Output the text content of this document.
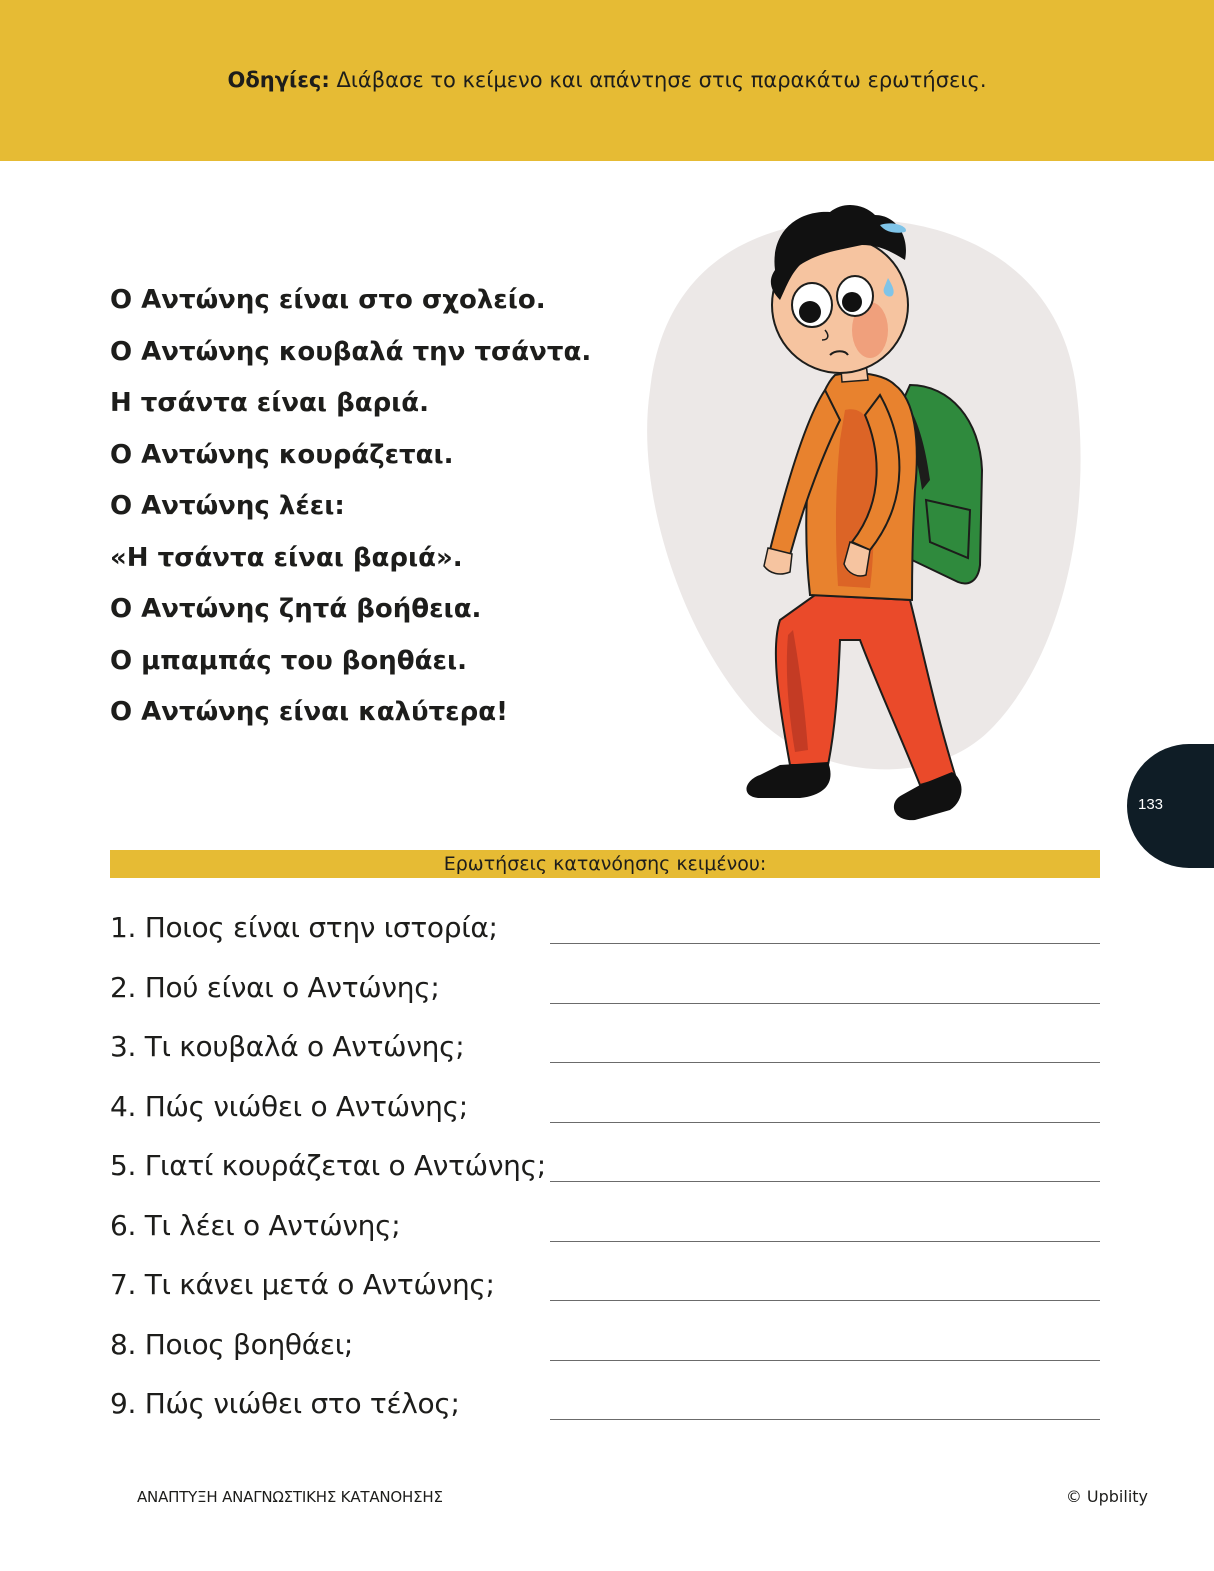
Οδηγίες: Διάβασε το κείμενο και απάντησε στις παρακάτω ερωτήσεις.
Ο Αντώνης είναι στο σχολείο.
Ο Αντώνης κουβαλά την τσάντα.
Η τσάντα είναι βαριά.
Ο Αντώνης κουράζεται.
Ο Αντώνης λέει:
«Η τσάντα είναι βαριά».
Ο Αντώνης ζητά βοήθεια.
Ο μπαμπάς του βοηθάει.
Ο Αντώνης είναι καλύτερα!
133
Ερωτήσεις κατανόησης κειμένου:
1. Ποιος είναι στην ιστορία;
2. Πού είναι ο Αντώνης;
3. Τι κουβαλά ο Αντώνης;
4. Πώς νιώθει ο Αντώνης;
5. Γιατί κουράζεται ο Αντώνης;
6. Τι λέει ο Αντώνης;
7. Τι κάνει μετά ο Αντώνης;
8. Ποιος βοηθάει;
9. Πώς νιώθει στο τέλος;
ΑΝΑΠΤΥΞΗ ΑΝΑΓΝΩΣΤΙΚΗΣ ΚΑΤΑΝΟΗΣΗΣ	© Upbility
